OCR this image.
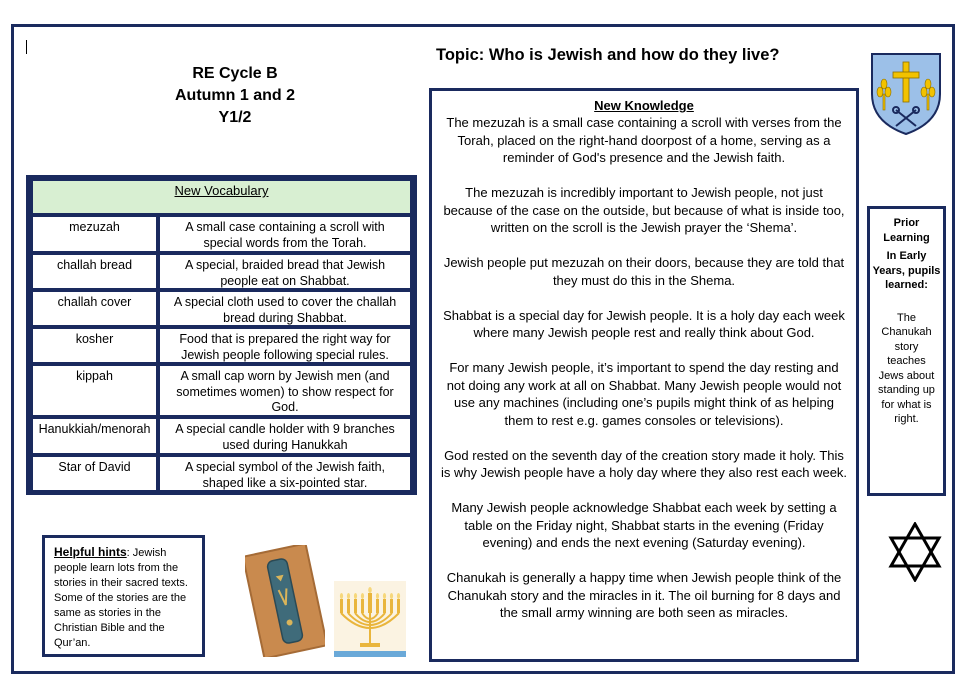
RE Cycle B
Autumn 1 and 2
Y1/2
Topic: Who is Jewish and how do they live?
New Vocabulary
mezuzah	A small case containing a scroll with special words from the Torah.
challah bread	A special, braided bread that Jewish people eat on Shabbat.
challah cover	A special cloth used to cover the challah bread during Shabbat.
kosher	Food that is prepared the right way for Jewish people following special rules.
kippah	A small cap worn by Jewish men (and sometimes women) to show respect for God.
Hanukkiah/menorah	A special candle holder with 9 branches used during Hanukkah
Star of David	A special symbol of the Jewish faith, shaped like a six-pointed star.
New Knowledge

The mezuzah is a small case containing a scroll with verses from the Torah, placed on the right-hand doorpost of a home, serving as a reminder of God's presence and the Jewish faith.

The mezuzah is incredibly important to Jewish people, not just because of the case on the outside, but because of what is inside too, written on the scroll is the Jewish prayer the ‘Shema’.

Jewish people put mezuzah on their doors, because they are told that they must do this in the Shema.

Shabbat is a special day for Jewish people. It is a holy day each week where many Jewish people rest and really think about God.

For many Jewish people, it’s important to spend the day resting and not doing any work at all on Shabbat. Many Jewish people would not use any machines (including one’s pupils might think of as helping them to rest e.g. games consoles or televisions).

God rested on the seventh day of the creation story made it holy. This is why Jewish people have a holy day where they also rest each week.

Many Jewish people acknowledge Shabbat each week by setting a table on the Friday night, Shabbat starts in the evening (Friday evening) and ends the next evening (Saturday evening).

Chanukah is generally a happy time when Jewish people think of the Chanukah story and the miracles in it. The oil burning for 8 days and the small army winning are both seen as miracles.

Prior Learning
In Early Years, pupils learned:
The Chanukah story teaches Jews about standing up for what is right.
Helpful hints: Jewish people learn lots from the stories in their sacred texts. Some of the stories are the same as stories in the Christian Bible and the Qur’an.
